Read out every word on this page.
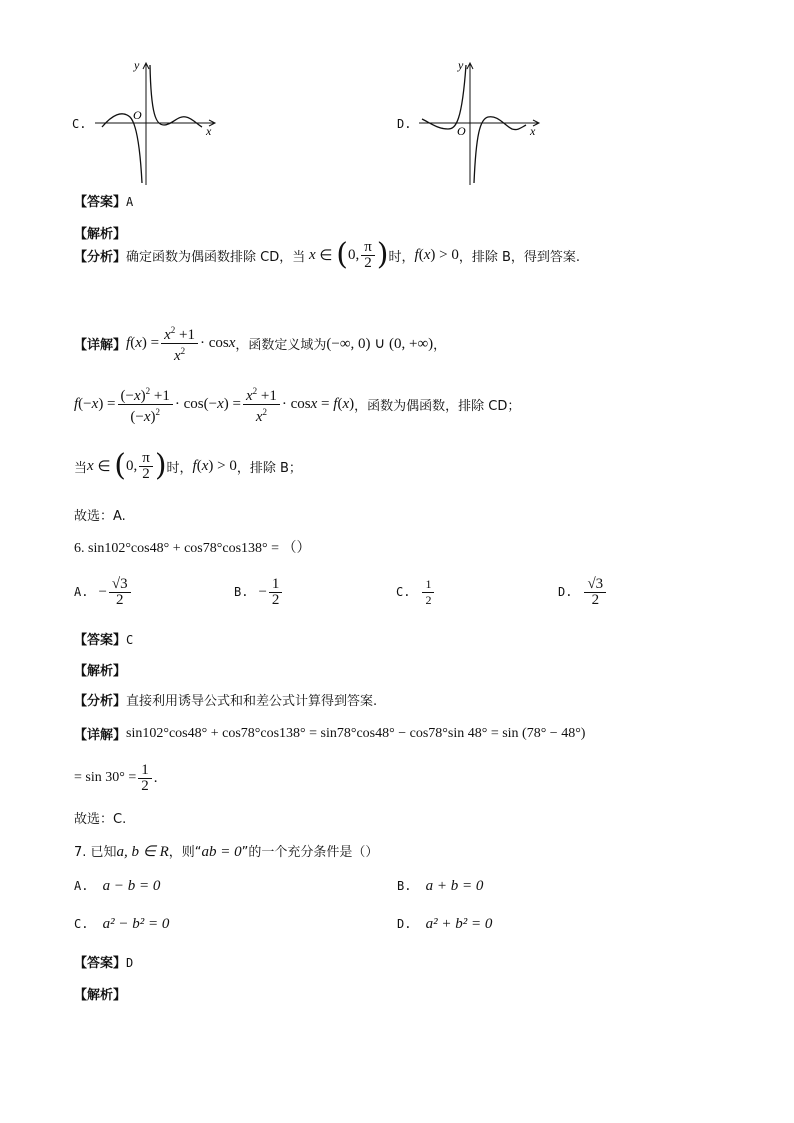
C.
y
O
x	D.
y
O	x
【答案】A
【解析】
【分析】 确定函数为偶函数排除 CD，当 x ∈ ( 0, $\frac{\pi}{2}$ ) 时， f ( x ) > 0 ，排除 B，得到答案.
【详解】 f ( x ) = $\frac{x^2 +1}{x^2} \cdot \cos x$ ，函数定义域为 (−∞, 0) ∪ (0, +∞) ，
f (− x ) = $\frac{(-x)^2 +1}{(-x)^2} \cdot \cos(-x) = \frac{x^2 +1}{x^2} \cdot \cos x = f(x)$ ，函数为偶函数，排除 CD；
当 x ∈ ( 0, $\frac{\pi}{2}$ ) 时， f ( x ) > 0 ，排除 B；
故选：A.
6. sin102°cos48° + cos78°cos138° = （）
A. − $\frac{√3}{2}$	B. − $\frac{1}{2}$	C. $\frac{1}{2}$	D. $\frac{√3}{2}$
【答案】C
【解析】
【分析】直接利用诱导公式和和差公式计算得到答案.
【详解】 sin102°cos48° + cos78°cos138° = sin78°cos48° − cos78°sin 48° = sin (78° − 48°)
= $\sin 30^\circ = \frac{1}{2}$ .
故选：C.
7. 已知a, b ∈ R，则“ab = 0”的一个充分条件是（）
A. a − b = 0	B. a + b = 0
C. a² − b² = 0	D. a² + b² = 0
【答案】D
【解析】
